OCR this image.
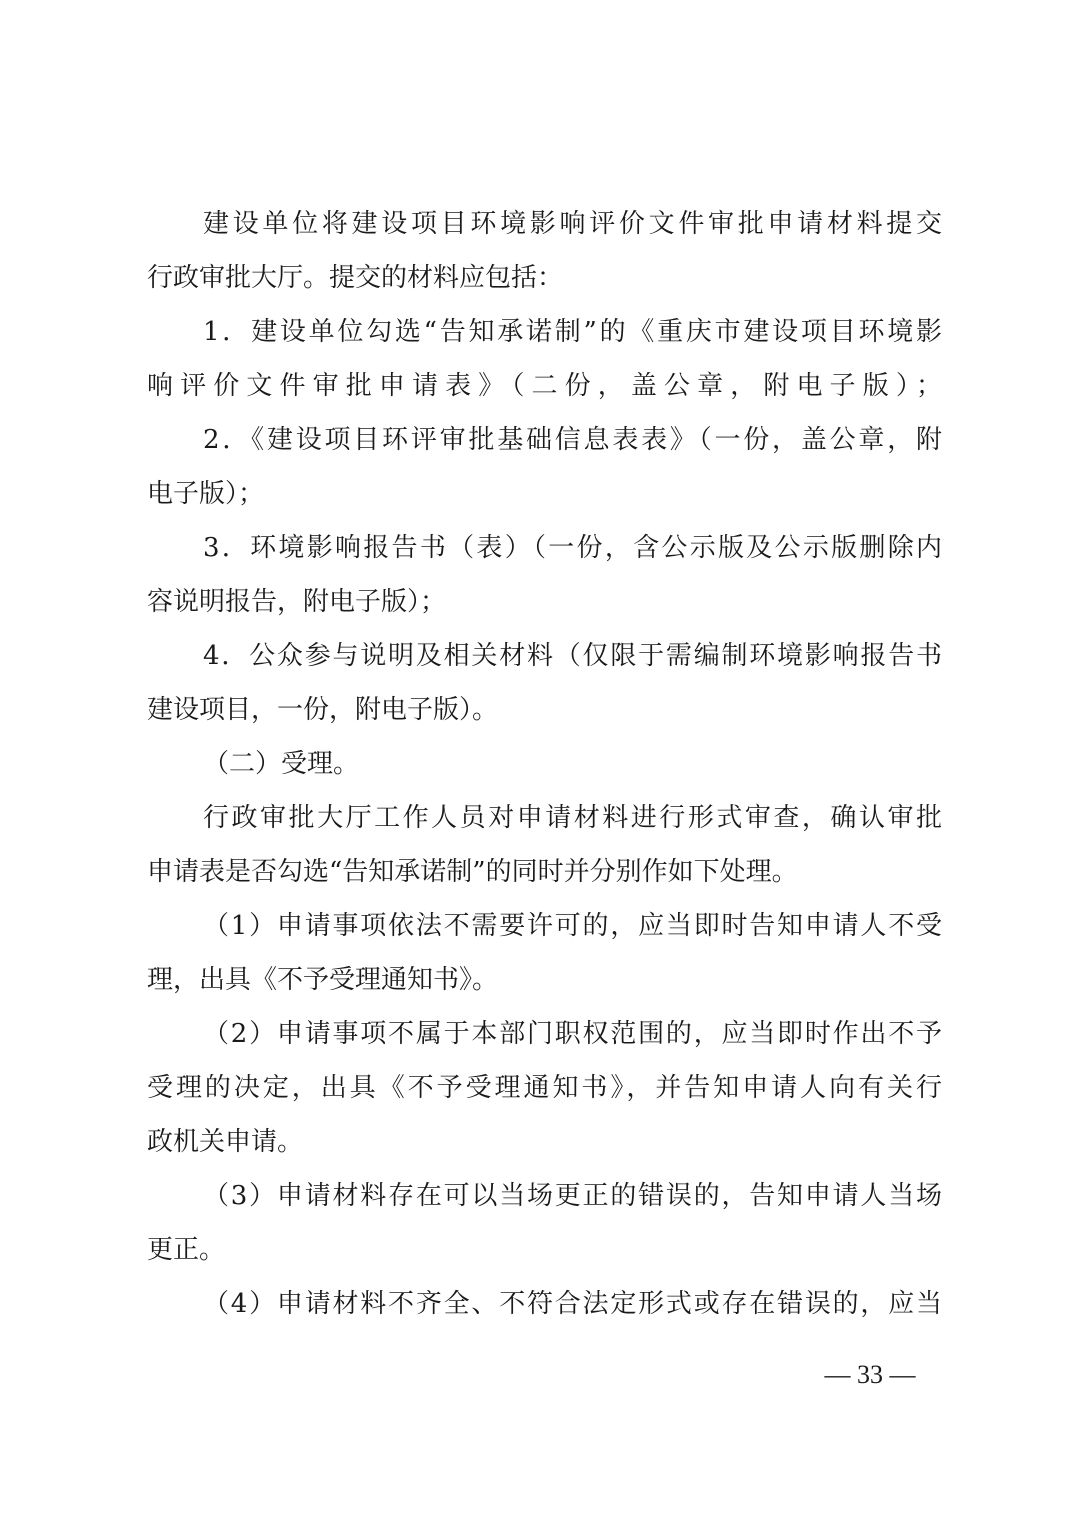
建设单位将建设项目环境影响评价文件审批申请材料提交
行政审批大厅。提交的材料应包括：
1．建设单位勾选“告知承诺制”的《重庆市建设项目环境影
响评价文件审批申请表》（二份，盖公章，附电子版）；
2．《建设项目环评审批基础信息表表》（一份，盖公章，附
电子版）；
3．环境影响报告书（表）（一份，含公示版及公示版删除内
容说明报告，附电子版）；
4．公众参与说明及相关材料（仅限于需编制环境影响报告书
建设项目，一份，附电子版）。
（二）受理。
行政审批大厅工作人员对申请材料进行形式审查，确认审批
申请表是否勾选“告知承诺制”的同时并分别作如下处理。
（1）申请事项依法不需要许可的，应当即时告知申请人不受
理，出具《不予受理通知书》。
（2）申请事项不属于本部门职权范围的，应当即时作出不予
受理的决定，出具《不予受理通知书》，并告知申请人向有关行
政机关申请。
（3）申请材料存在可以当场更正的错误的，告知申请人当场
更正。
（4）申请材料不齐全、不符合法定形式或存在错误的，应当
— 33 —
